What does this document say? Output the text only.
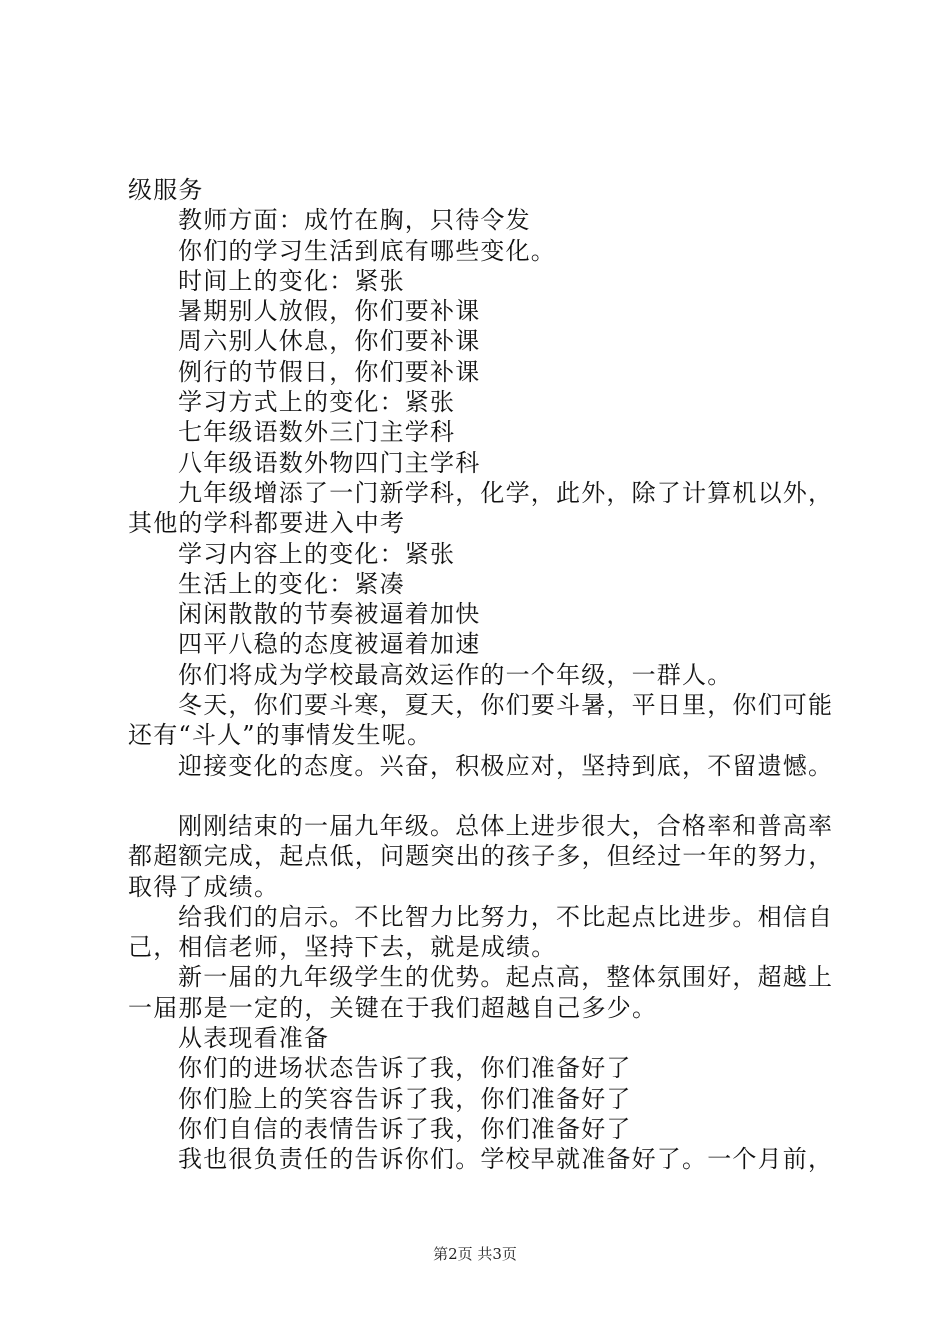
级服务

教师方面：成竹在胸，只待令发

你们的学习生活到底有哪些变化。

时间上的变化：紧张

暑期别人放假，你们要补课

周六别人休息，你们要补课

例行的节假日，你们要补课

学习方式上的变化：紧张

七年级语数外三门主学科

八年级语数外物四门主学科

九年级增添了一门新学科，化学，此外，除了计算机以外，其他的学科都要进入中考

学习内容上的变化：紧张

生活上的变化：紧凑

闲闲散散的节奏被逼着加快

四平八稳的态度被逼着加速

你们将成为学校最高效运作的一个年级，一群人。

冬天，你们要斗寒，夏天，你们要斗暑，平日里，你们可能还有“斗人”的事情发生呢。

迎接变化的态度。兴奋，积极应对，坚持到底，不留遗憾。

刚刚结束的一届九年级。总体上进步很大，合格率和普高率都超额完成，起点低，问题突出的孩子多，但经过一年的努力，取得了成绩。

给我们的启示。不比智力比努力，不比起点比进步。相信自己，相信老师，坚持下去，就是成绩。

新一届的九年级学生的优势。起点高，整体氛围好，超越上一届那是一定的，关键在于我们超越自己多少。

从表现看准备

你们的进场状态告诉了我，你们准备好了

你们脸上的笑容告诉了我，你们准备好了

你们自信的表情告诉了我，你们准备好了

我也很负责任的告诉你们。学校早就准备好了。一个月前，

第2页 共3页
